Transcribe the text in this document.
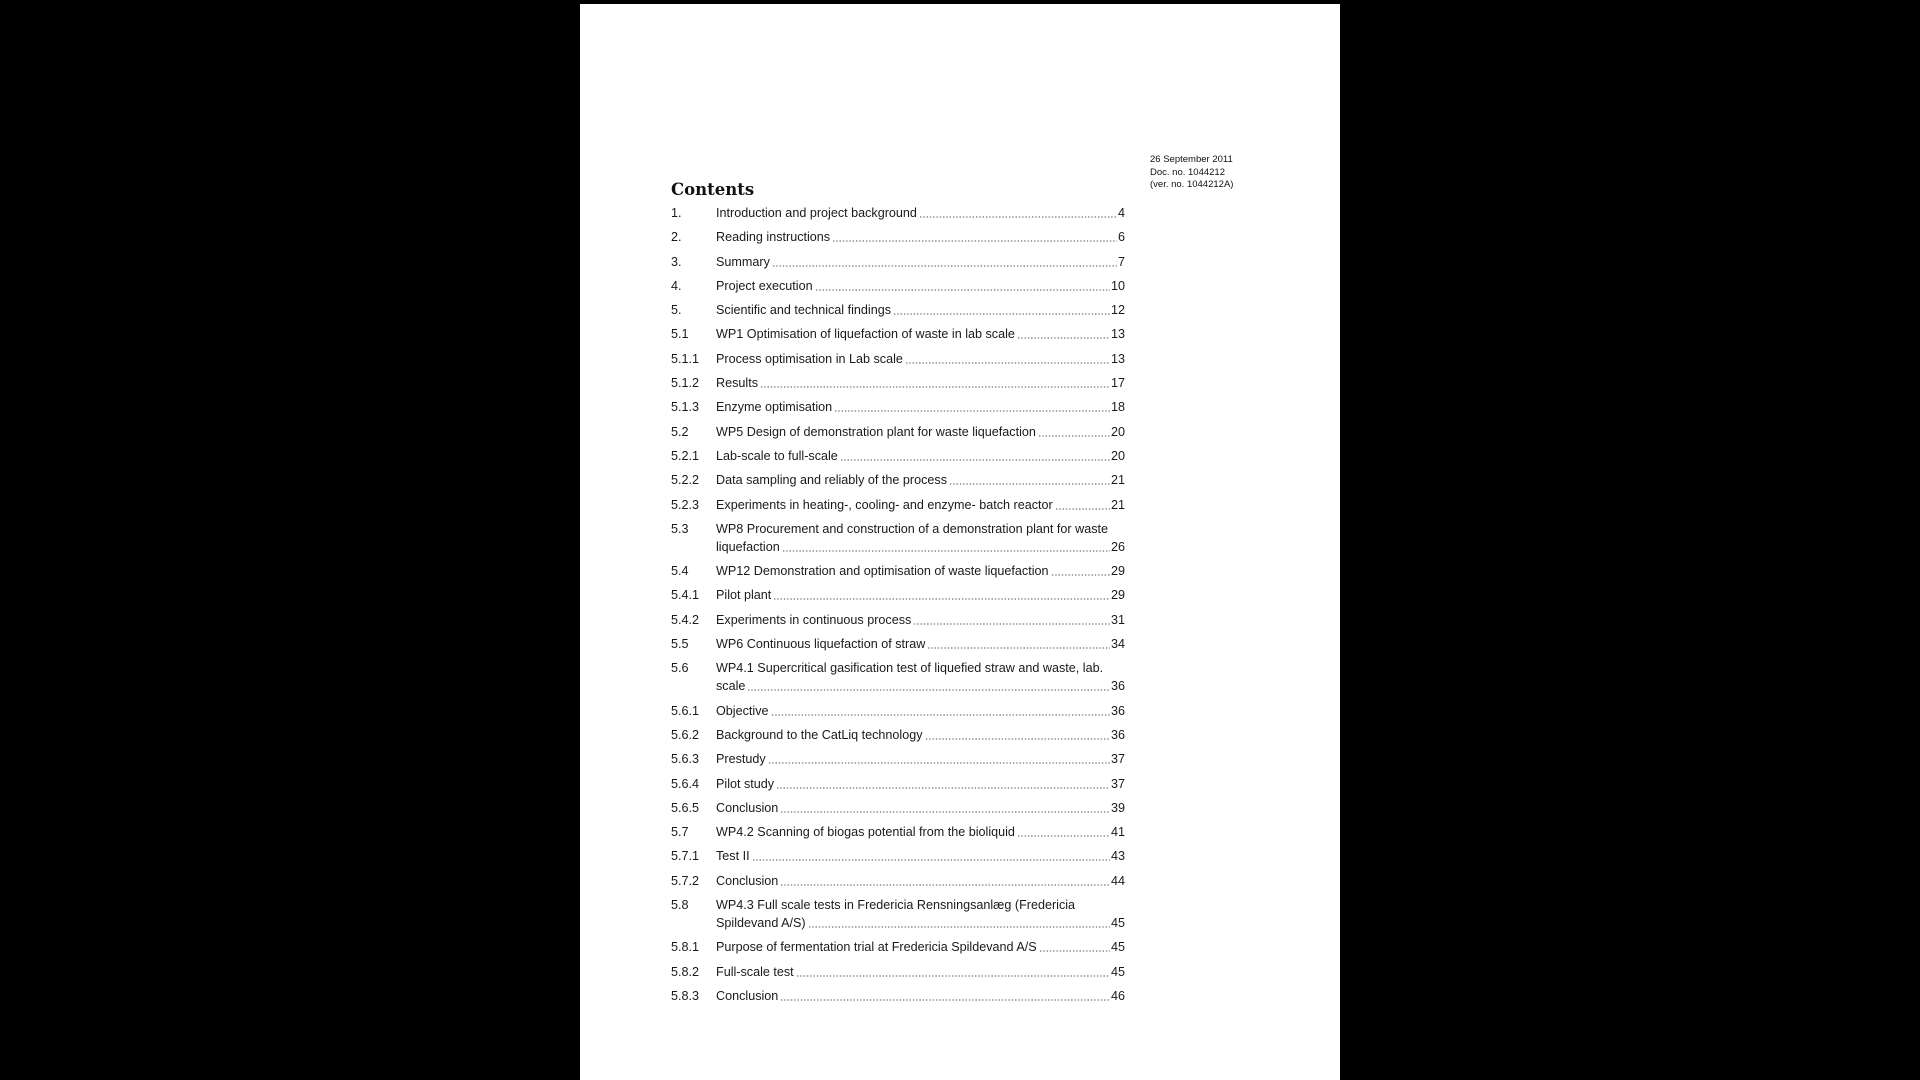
26 September 2011
Doc. no. 1044212
(ver. no. 1044212A)
Contents
1.	Introduction and project background	4
2.	Reading instructions	6
3.	Summary	7
4.	Project execution	10
5.	Scientific and technical findings	12
5.1	WP1 Optimisation of liquefaction of waste in lab scale	13
5.1.1	Process optimisation in Lab scale	13
5.1.2	Results	17
5.1.3	Enzyme optimisation	18
5.2	WP5 Design of demonstration plant for waste liquefaction	20
5.2.1	Lab-scale to full-scale	20
5.2.2	Data sampling and reliably of the process	21
5.2.3	Experiments in heating-, cooling- and enzyme- batch reactor	21
5.3	WP8 Procurement and construction of a demonstration plant for waste
liquefaction	26
5.4	WP12 Demonstration and optimisation of waste liquefaction	29
5.4.1	Pilot plant	29
5.4.2	Experiments in continuous process	31
5.5	WP6 Continuous liquefaction of straw	34
5.6	WP4.1 Supercritical gasification test of liquefied straw and waste, lab.
scale	36
5.6.1	Objective	36
5.6.2	Background to the CatLiq technology	36
5.6.3	Prestudy	37
5.6.4	Pilot study	37
5.6.5	Conclusion	39
5.7	WP4.2 Scanning of biogas potential from the bioliquid	41
5.7.1	Test II	43
5.7.2	Conclusion	44
5.8	WP4.3 Full scale tests in Fredericia Rensningsanlæg (Fredericia
Spildevand A/S)	45
5.8.1	Purpose of fermentation trial at Fredericia Spildevand A/S	45
5.8.2	Full-scale test	45
5.8.3	Conclusion	46
